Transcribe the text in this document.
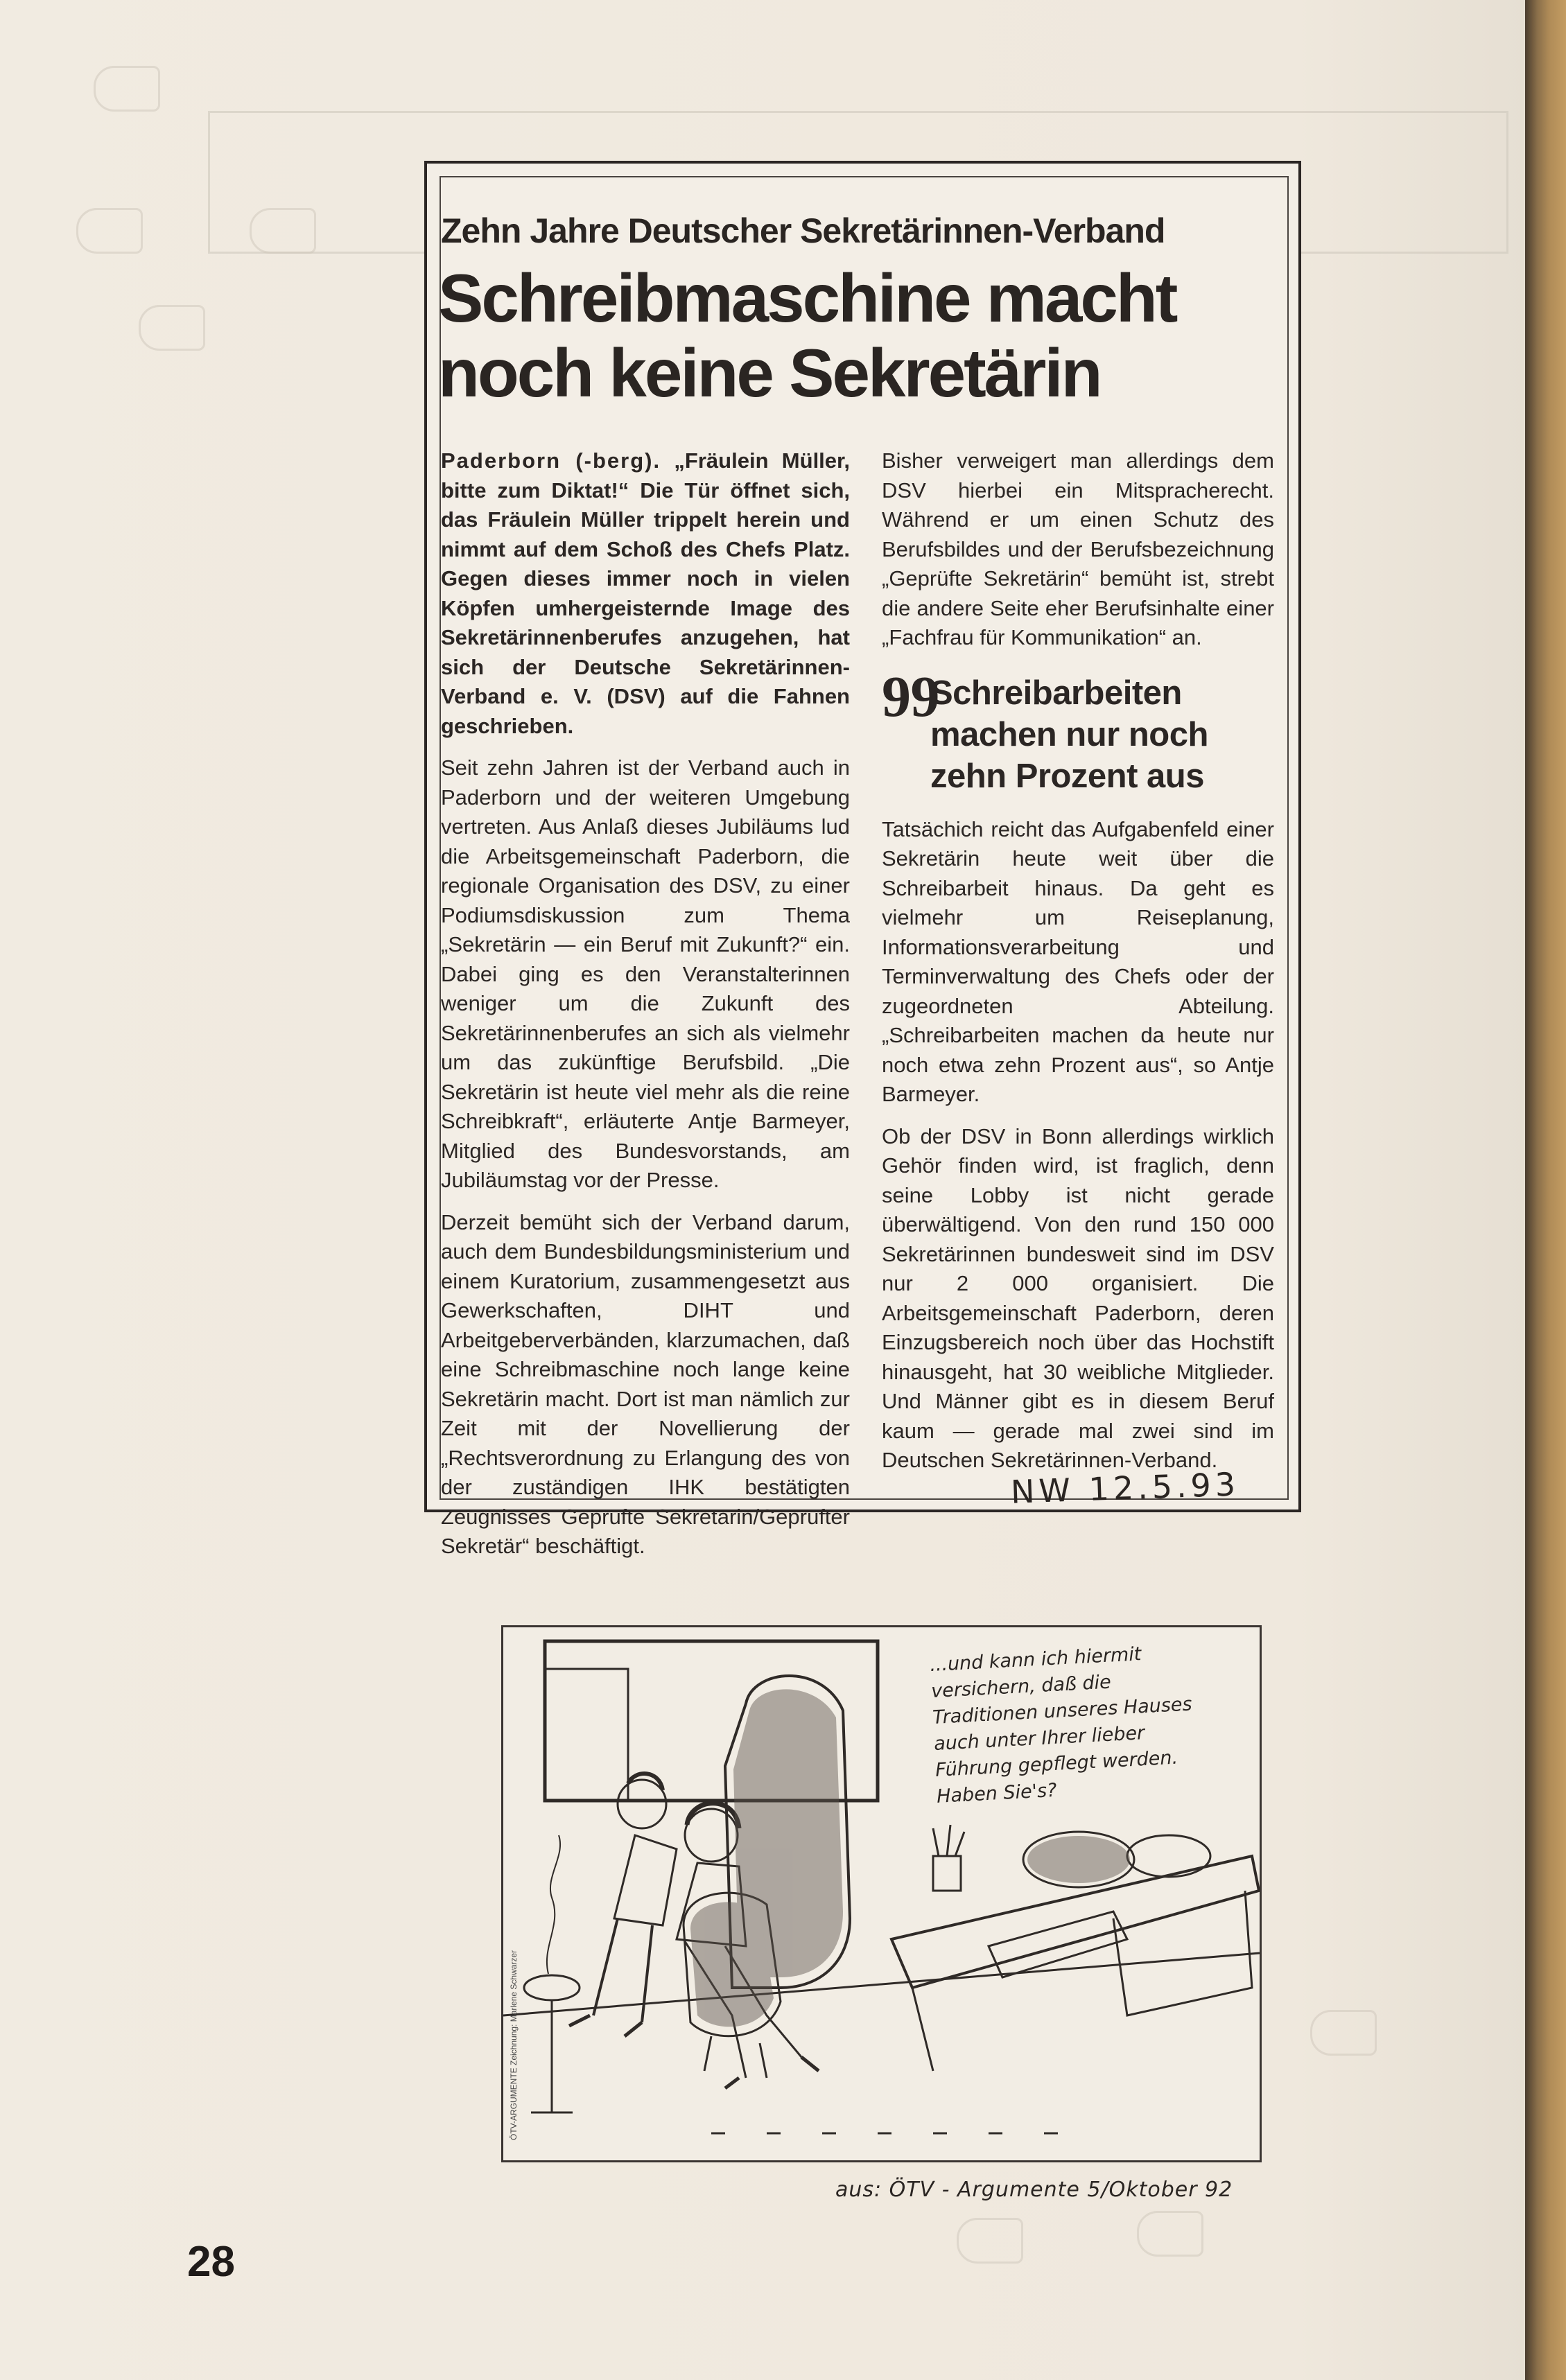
Zehn Jahre Deutscher Sekretärinnen-Verband
Schreibmaschine macht noch keine Sekretärin

Paderborn (-berg). „Fräulein Müller, bitte zum Diktat!“ Die Tür öffnet sich, das Fräulein Müller trippelt herein und nimmt auf dem Schoß des Chefs Platz. Gegen dieses immer noch in vielen Köpfen umhergeisternde Image des Sekretärinnenberufes anzugehen, hat sich der Deutsche Sekretärinnen-Verband e. V. (DSV) auf die Fahnen geschrieben.

Seit zehn Jahren ist der Verband auch in Paderborn und der weiteren Umgebung vertreten. Aus Anlaß dieses Jubiläums lud die Arbeitsgemeinschaft Paderborn, die regionale Organisation des DSV, zu einer Podiumsdiskussion zum Thema „Sekretärin — ein Beruf mit Zukunft?“ ein. Dabei ging es den Veranstalterinnen weniger um die Zukunft des Sekretärinnenberufes an sich als vielmehr um das zukünftige Berufsbild. „Die Sekretärin ist heute viel mehr als die reine Schreibkraft“, erläuterte Antje Barmeyer, Mitglied des Bundesvorstands, am Jubiläumstag vor der Presse.

Derzeit bemüht sich der Verband darum, auch dem Bundesbildungsministerium und einem Kuratorium, zusammengesetzt aus Gewerkschaften, DIHT und Arbeitgeberverbänden, klarzumachen, daß eine Schreibmaschine noch lange keine Sekretärin macht. Dort ist man nämlich zur Zeit mit der Novellierung der „Rechtsverordnung zu Erlangung des von der zuständigen IHK bestätigten Zeugnisses Geprüfte Sekretärin/Geprüfter Sekretär“ beschäftigt.

Bisher verweigert man allerdings dem DSV hierbei ein Mitspracherecht. Während er um einen Schutz des Berufsbildes und der Berufsbezeichnung „Geprüfte Sekretärin“ bemüht ist, strebt die andere Seite eher Berufsinhalte einer „Fachfrau für Kommunikation“ an.

99
Schreibarbeiten machen nur noch zehn Prozent aus

Tatsächich reicht das Aufgabenfeld einer Sekretärin heute weit über die Schreibarbeit hinaus. Da geht es vielmehr um Reiseplanung, Informationsverarbeitung und Terminverwaltung des Chefs oder der zugeordneten Abteilung. „Schreibarbeiten machen da heute nur noch etwa zehn Prozent aus“, so Antje Barmeyer.

Ob der DSV in Bonn allerdings wirklich Gehör finden wird, ist fraglich, denn seine Lobby ist nicht gerade überwältigend. Von den rund 150 000 Sekretärinnen bundesweit sind im DSV nur 2 000 organisiert. Die Arbeitsgemeinschaft Paderborn, deren Einzugsbereich noch über das Hochstift hinausgeht, hat 30 weibliche Mitglieder. Und Männer gibt es in diesem Beruf kaum — gerade mal zwei sind im Deutschen Sekretärinnen-Verband.

NW 12.5.93
...und kann ich hiermit versichern, daß die Traditionen unseres Hauses auch unter Ihrer lieber Führung gepflegt werden. Haben Sie's?
ÖTV-ARGUMENTE Zeichnung: Marlene Schwarzer
aus: ÖTV - Argumente 5/Oktober 92
28
